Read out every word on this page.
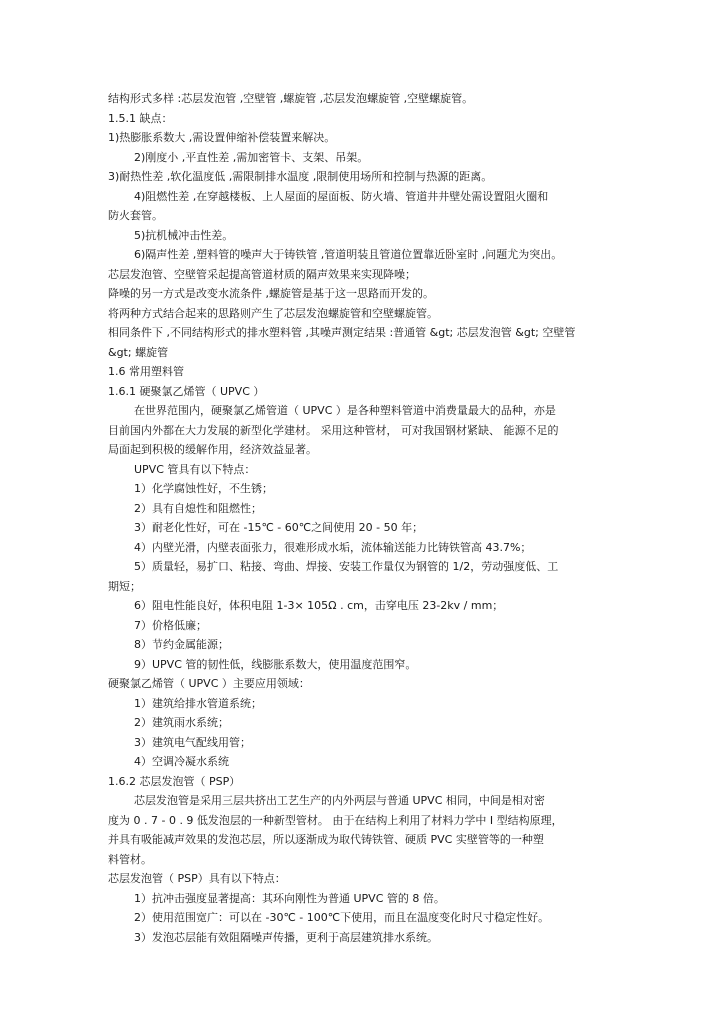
结构形式多样 :芯层发泡管 ,空壁管 ,螺旋管 ,芯层发泡螺旋管 ,空壁螺旋管。
1.5.1 缺点：
1)热膨胀系数大 ,需设置伸缩补偿装置来解决。
2)刚度小 ,平直性差 ,需加密管卡、支架、吊架。
3)耐热性差 ,软化温度低 ,需限制排水温度 ,限制使用场所和控制与热源的距离。
4)阻燃性差 ,在穿越楼板、上人屋面的屋面板、防火墙、管道井井壁处需设置阻火圈和
防火套管。
5)抗机械冲击性差。
6)隔声性差 ,塑料管的噪声大于铸铁管 ,管道明装且管道位置靠近卧室时 ,问题尤为突出。
芯层发泡管、空壁管采起提高管道材质的隔声效果来实现降噪；
降噪的另一方式是改变水流条件 ,螺旋管是基于这一思路而开发的。
将两种方式结合起来的思路则产生了芯层发泡螺旋管和空壁螺旋管。
相同条件下 ,不同结构形式的排水塑料管 ,其噪声测定结果 :普通管 &gt; 芯层发泡管 &gt; 空壁管
&gt; 螺旋管
1.6 常用塑料管
1.6.1 硬聚氯乙烯管（ UPVC ）
在世界范围内，硬聚氯乙烯管道（ UPVC ）是各种塑料管道中消费量最大的品种，亦是
目前国内外都在大力发展的新型化学建材。 采用这种管材， 可对我国钢材紧缺、 能源不足的
局面起到积极的缓解作用，经济效益显著。
UPVC 管具有以下特点：
1）化学腐蚀性好，不生锈；
2）具有自熄性和阻燃性；
3）耐老化性好，可在 -15℃ - 60℃之间使用 20 - 50 年；
4）内壁光滑，内壁表面张力，很难形成水垢，流体输送能力比铸铁管高 43.7%；
5）质量轻，易扩口、粘接、弯曲、焊接、安装工作量仅为钢管的 1/2，劳动强度低、工
期短；
6）阻电性能良好，体积电阻 1-3× 105Ω . cm，击穿电压 23-2kv / mm；
7）价格低廉；
8）节约金属能源；
9）UPVC 管的韧性低，线膨胀系数大，使用温度范围窄。
硬聚氯乙烯管（ UPVC ）主要应用领域：
1）建筑给排水管道系统；
2）建筑雨水系统；
3）建筑电气配线用管；
4）空调冷凝水系统
1.6.2 芯层发泡管（ PSP）
芯层发泡管是采用三层共挤出工艺生产的内外两层与普通 UPVC 相同，中间是相对密
度为 0 . 7 - 0 . 9 低发泡层的一种新型管材。 由于在结构上利用了材料力学中 I 型结构原理，
并具有吸能减声效果的发泡芯层，所以逐渐成为取代铸铁管、硬质 PVC 实壁管等的一种塑
料管材。
芯层发泡管（ PSP）具有以下特点：
1）抗冲击强度显著提高：其环向刚性为普通 UPVC 管的 8 倍。
2）使用范围宽广：可以在 -30℃ - 100℃下使用，而且在温度变化时尺寸稳定性好。
3）发泡芯层能有效阻隔噪声传播，更利于高层建筑排水系统。
